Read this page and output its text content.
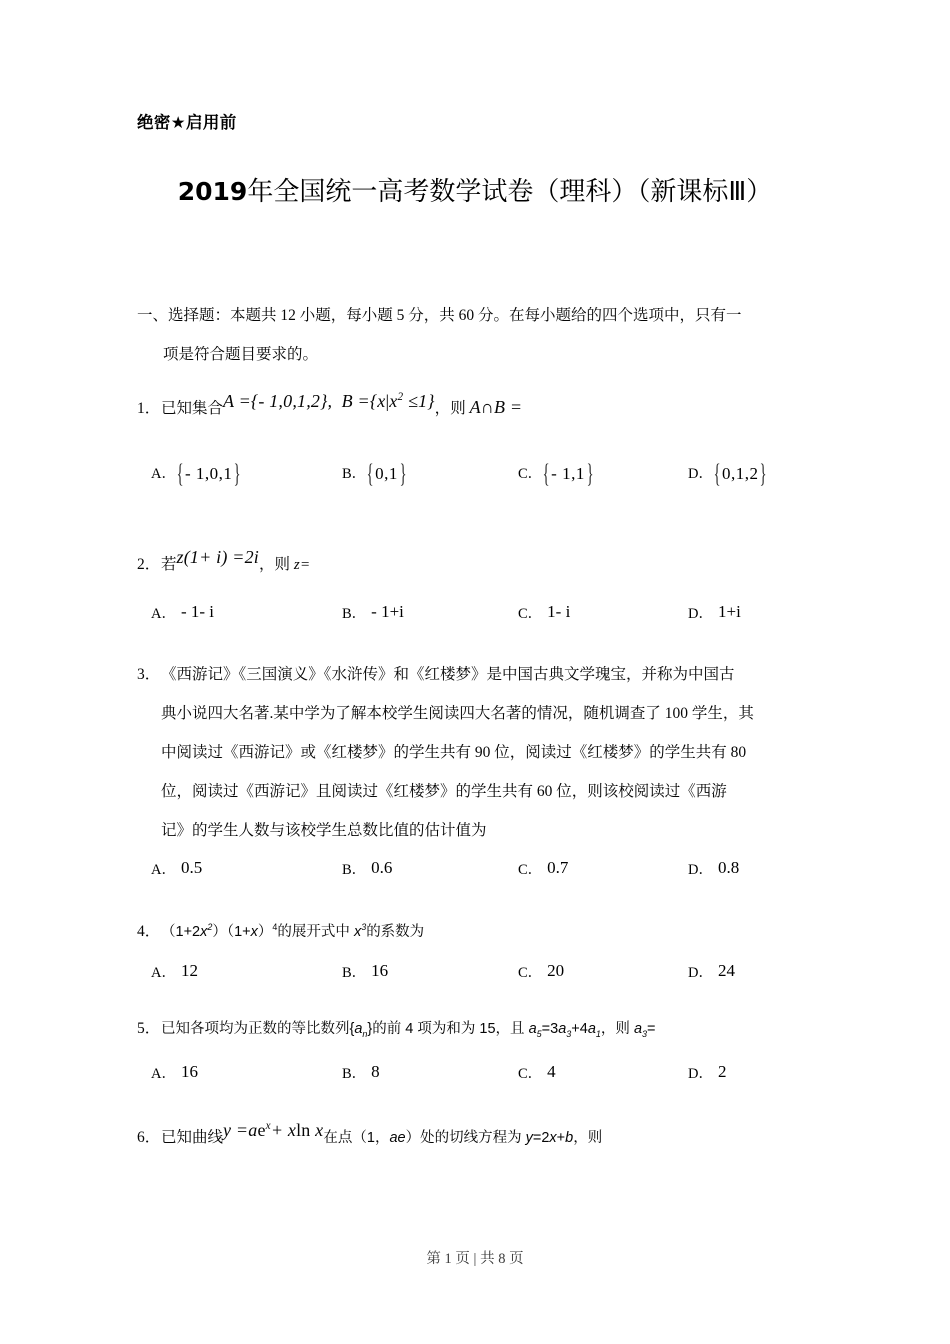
绝密★启用前
2019年全国统一高考数学试卷（理科）（新课标Ⅲ）
一、选择题：本题共 12 小题，每小题 5 分，共 60 分。在每小题给的四个选项中，只有一
项是符合题目要求的。
1．已知集合A ={- 1,0,1,2}, $B =\{x|x^2 \le 1\}$，则 A∩B =
A． { - 1,0,1 }	B． { 0,1 }	C． { - 1,1 }	D． { 0,1,2 }
2．若z(1+ i) =2i，则 z=
A． - 1- i	B． - 1+i	C． 1- i	D． 1+i
3．《西游记》《三国演义》《水浒传》和《红楼梦》是中国古典文学瑰宝，并称为中国古
典小说四大名著.某中学为了解本校学生阅读四大名著的情况，随机调查了 100 学生，其
中阅读过《西游记》或《红楼梦》的学生共有 90 位，阅读过《红楼梦》的学生共有 80
位，阅读过《西游记》且阅读过《红楼梦》的学生共有 60 位，则该校阅读过《西游
记》的学生人数与该校学生总数比值的估计值为
A． 0.5	B． 0.6	C． 0.7	D． 0.8
4．$(1+2x^2)(1+x)^4$的展开式中 $x^3$的系数为
A． 12	B． 16	C． 20	D． 24
5．已知各项均为正数的等比数列$\{a_n\}$的前 4 项为和为 15，且 $a_5=3a_3+4a_1$，则 $a_3=$
A． 16	B． 8	C． 4	D． 2
6．已知曲线$y =ae^x+ xln$ x在点（1，ae）处的切线方程为 y=2x+b，则
第 1 页 | 共 8 页
